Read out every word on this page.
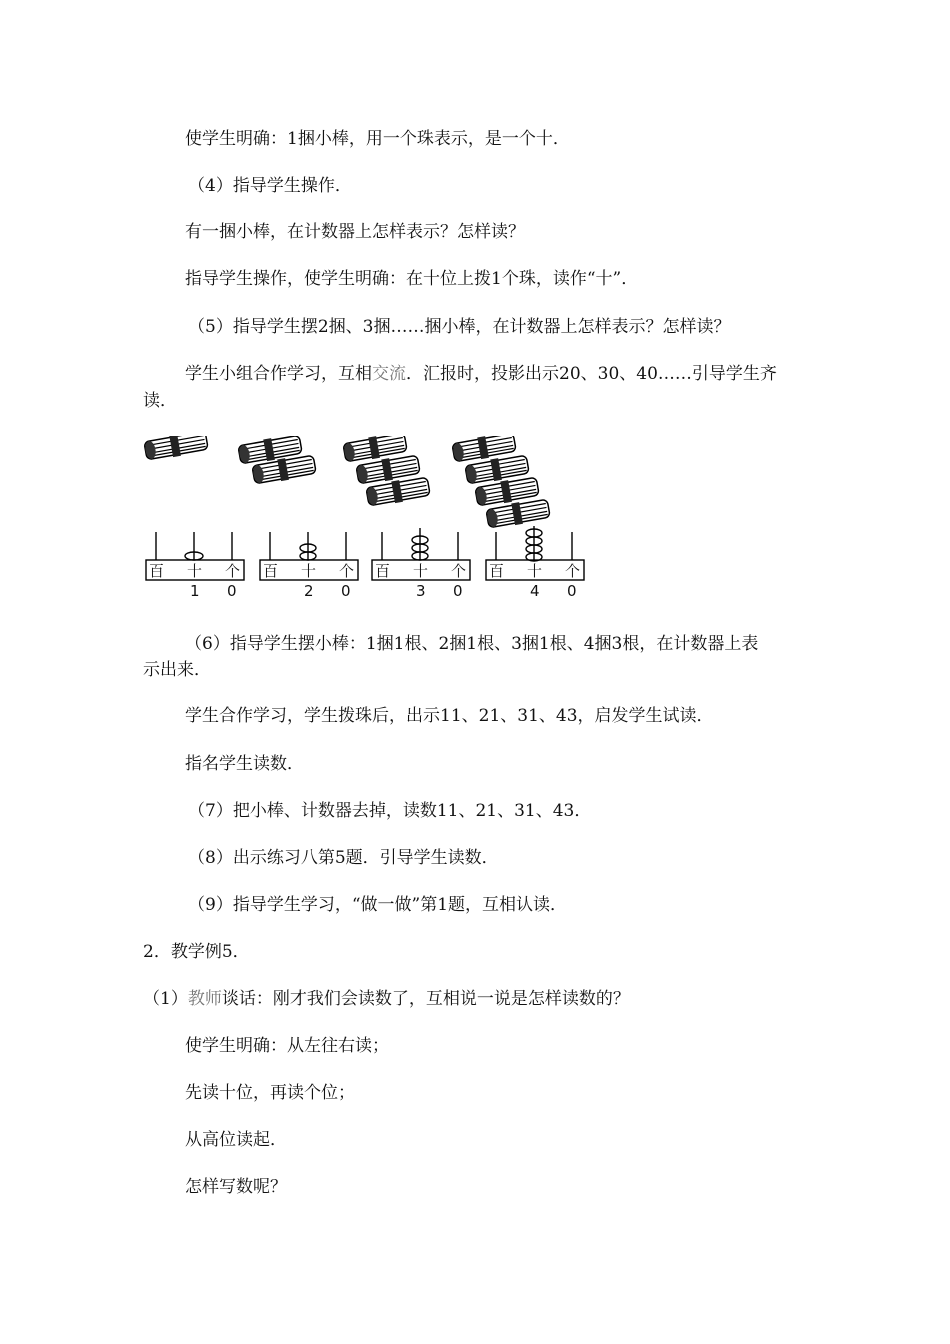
使学生明确：1捆小棒，用一个珠表示，是一个十．
（4）指导学生操作．
有一捆小棒，在计数器上怎样表示？怎样读？
指导学生操作，使学生明确：在十位上拨1个珠，读作“十”．
（5）指导学生摆2捆、3捆……捆小棒，在计数器上怎样表示？怎样读？
学生小组合作学习，互相交流．汇报时，投影出示20、30、40……引导学生齐
读．
百 十 个
1 0
百 十 个
2 0
百 十 个
3 0
百 十 个
4 0
（6）指导学生摆小棒：1捆1根、2捆1根、3捆1根、4捆3根，在计数器上表
示出来．
学生合作学习，学生拨珠后，出示11、21、31、43，启发学生试读．
指名学生读数．
（7）把小棒、计数器去掉，读数11、21、31、43．
（8）出示练习八第5题．引导学生读数．
（9）指导学生学习，“做一做”第1题，互相认读．
2．教学例5．
（1）教师谈话：刚才我们会读数了，互相说一说是怎样读数的？
使学生明确：从左往右读；
先读十位，再读个位；
从高位读起．
怎样写数呢？
